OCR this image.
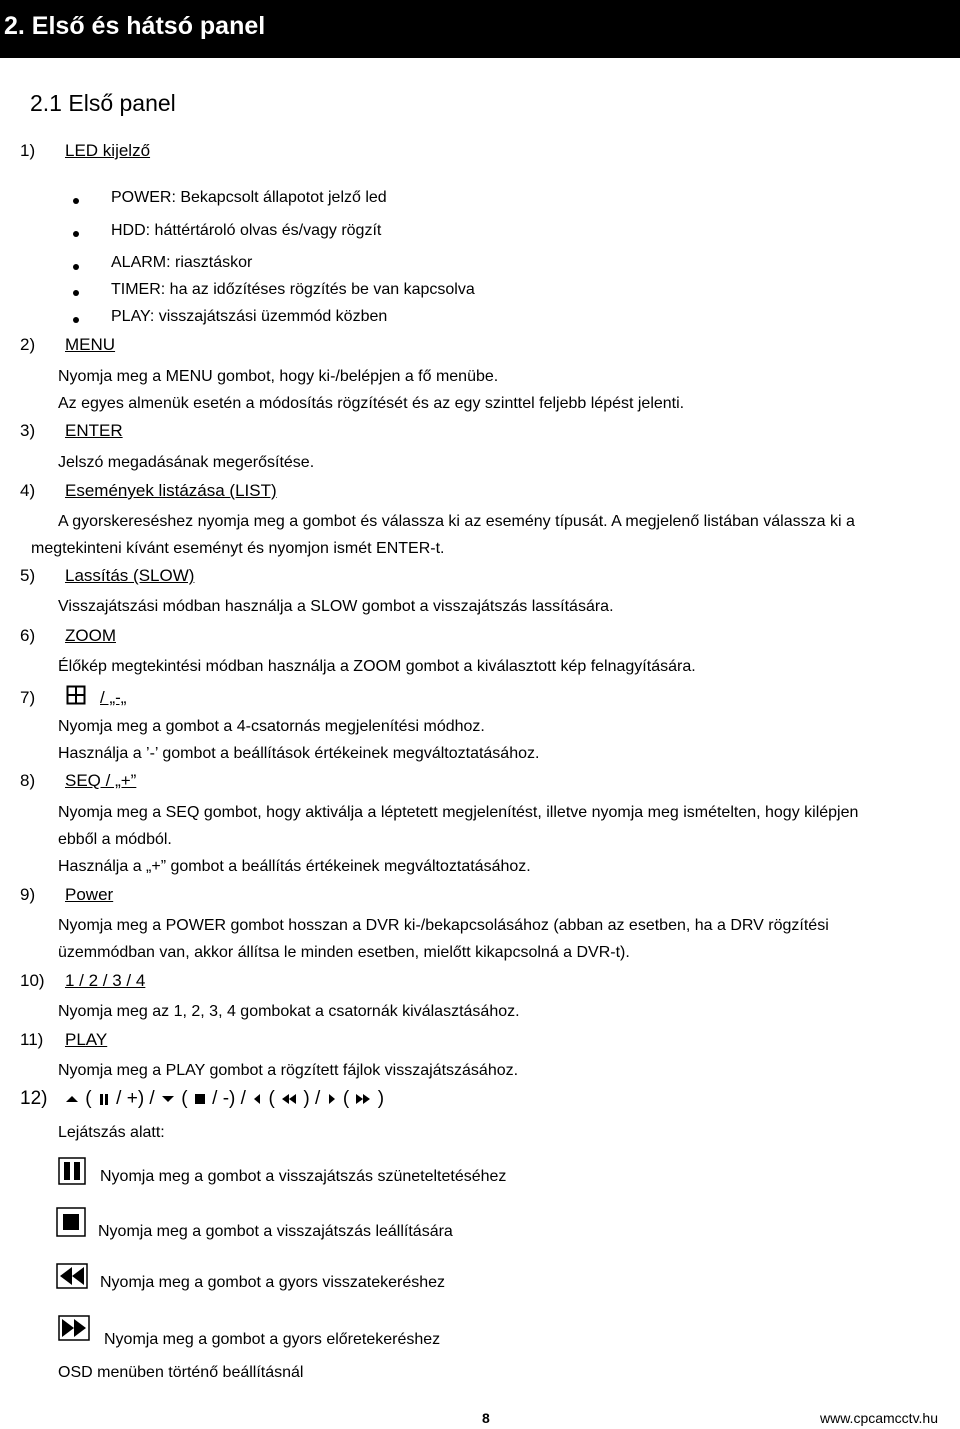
2. Első és hátsó panel
2.1 Első panel
1) LED kijelző
POWER: Bekapcsolt állapotot jelző led
HDD: háttértároló olvas és/vagy rögzít
ALARM: riasztáskor
TIMER: ha az időzítéses rögzítés be van kapcsolva
PLAY: visszajátszási üzemmód közben
2) MENU
Nyomja meg a MENU gombot, hogy ki-/belépjen a fő menübe.
Az egyes almenük esetén a módosítás rögzítését és az egy szinttel feljebb lépést jelenti.
3) ENTER
Jelszó megadásának megerősítése.
4) Események listázása (LIST)
A gyorskereséshez nyomja meg a gombot és válassza ki az esemény típusát. A megjelenő listában válassza ki a
megtekinteni kívánt eseményt és nyomjon ismét ENTER-t.
5) Lassítás (SLOW)
Visszajátszási módban használja a SLOW gombot a visszajátszás lassítására.
6) ZOOM
Élőkép megtekintési módban használja a ZOOM gombot a kiválasztott kép felnagyítására.
7)	/ „-„
Nyomja meg a gombot a 4-csatornás megjelenítési módhoz.
Használja a ’-’ gombot a beállítások értékeinek megváltoztatásához.
8) SEQ / „+”
Nyomja meg a SEQ gombot, hogy aktiválja a léptetett megjelenítést, illetve nyomja meg ismételten, hogy kilépjen
ebből a módból.
Használja a „+” gombot a beállítás értékeinek megváltoztatásához.
9) Power
Nyomja meg a POWER gombot hosszan a DVR ki-/bekapcsolásához (abban az esetben, ha a DRV rögzítési
üzemmódban van, akkor állítsa le minden esetben, mielőtt kikapcsolná a DVR-t).
10) 1 / 2 / 3 / 4
Nyomja meg az 1, 2, 3, 4 gombokat a csatornák kiválasztásához.
11) PLAY
Nyomja meg a PLAY gombot a rögzített fájlok visszajátszásához.
12)	( / +) / ( / -) / ( ) / ( )
Lejátszás alatt:
Nyomja meg a gombot a visszajátszás szüneteltetéséhez
Nyomja meg a gombot a visszajátszás leállítására
Nyomja meg a gombot a gyors visszatekeréshez
Nyomja meg a gombot a gyors előretekeréshez
OSD menüben történő beállításnál
8	www.cpcamcctv.hu
